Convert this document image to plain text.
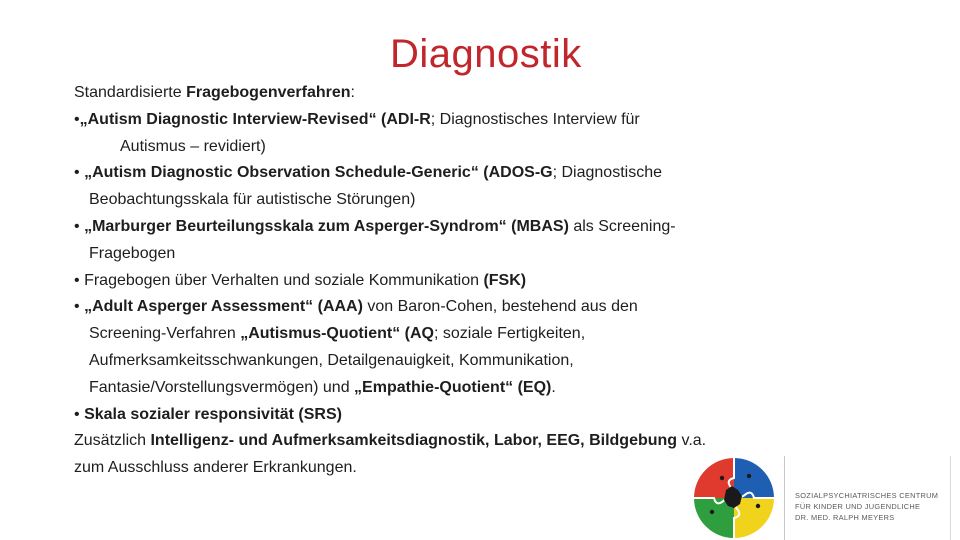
Diagnostik
Standardisierte Fragebogenverfahren:
•„Autism Diagnostic Interview-Revised“ (ADI-R; Diagnostisches Interview für
Autismus – revidiert)
• „Autism Diagnostic Observation Schedule-Generic“ (ADOS-G; Diagnostische
Beobachtungsskala für autistische Störungen)
• „Marburger Beurteilungsskala zum Asperger-Syndrom“ (MBAS) als Screening-
Fragebogen
• Fragebogen über Verhalten und soziale Kommunikation (FSK)
• „Adult Asperger Assessment“ (AAA) von Baron-Cohen, bestehend aus den
Screening-Verfahren „Autismus-Quotient“ (AQ; soziale Fertigkeiten,
Aufmerksamkeitsschwankungen, Detailgenauigkeit, Kommunikation,
Fantasie/Vorstellungsvermögen) und „Empathie-Quotient“ (EQ).
• Skala sozialer responsivität (SRS)
Zusätzlich Intelligenz- und Aufmerksamkeitsdiagnostik, Labor, EEG, Bildgebung v.a.
zum Ausschluss anderer Erkrankungen.
SOZIALPSYCHIATRISCHES CENTRUM
FÜR KINDER UND JUGENDLICHE
DR. MED. RALPH MEYERS
